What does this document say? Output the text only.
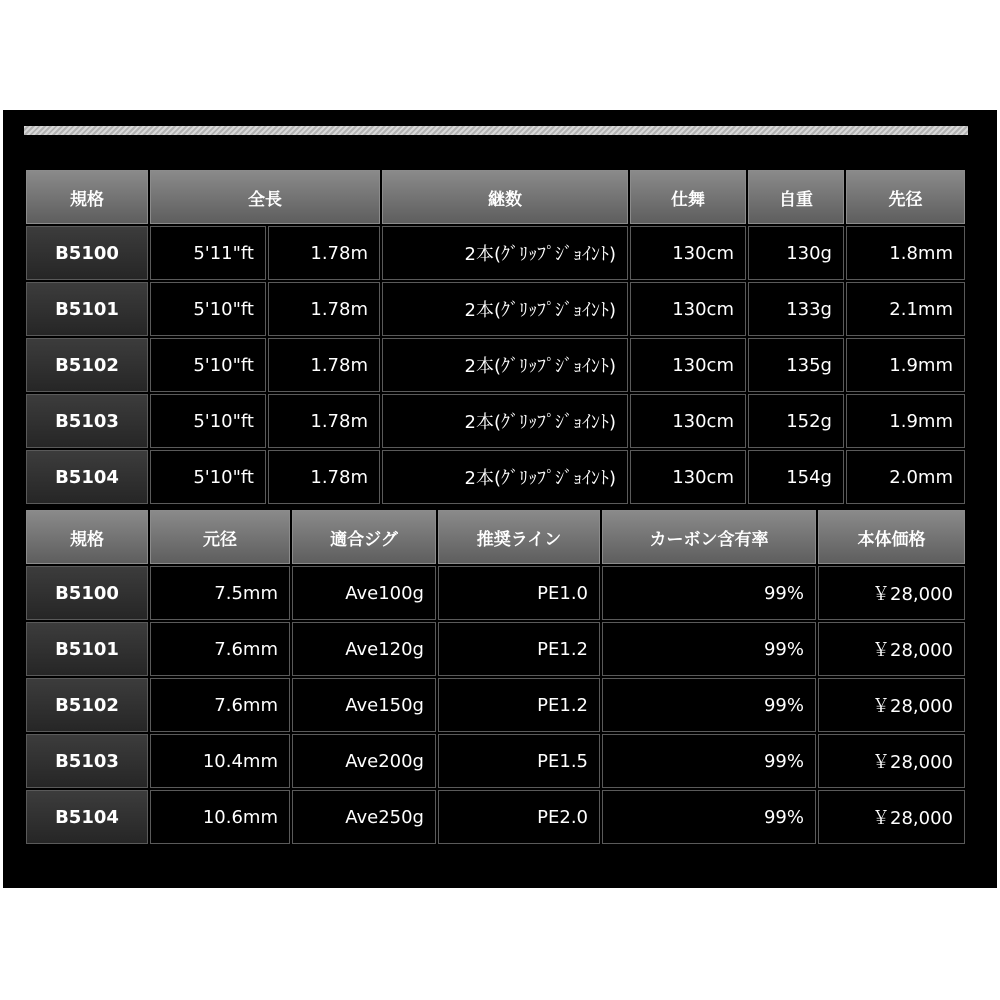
規格	全長	継数	仕舞	自重	先径
B5100	5'11"ft	1.78m	2本(ｸﾞﾘｯﾌﾟｼﾞｮｲﾝﾄ)	130cm	130g	1.8mm
B5101	5'10"ft	1.78m	2本(ｸﾞﾘｯﾌﾟｼﾞｮｲﾝﾄ)	130cm	133g	2.1mm
B5102	5'10"ft	1.78m	2本(ｸﾞﾘｯﾌﾟｼﾞｮｲﾝﾄ)	130cm	135g	1.9mm
B5103	5'10"ft	1.78m	2本(ｸﾞﾘｯﾌﾟｼﾞｮｲﾝﾄ)	130cm	152g	1.9mm
B5104	5'10"ft	1.78m	2本(ｸﾞﾘｯﾌﾟｼﾞｮｲﾝﾄ)	130cm	154g	2.0mm
規格	元径	適合ジグ	推奨ライン	カーボン含有率	本体価格
B5100	7.5mm	Ave100g	PE1.0	99%	￥28,000
B5101	7.6mm	Ave120g	PE1.2	99%	￥28,000
B5102	7.6mm	Ave150g	PE1.2	99%	￥28,000
B5103	10.4mm	Ave200g	PE1.5	99%	￥28,000
B5104	10.6mm	Ave250g	PE2.0	99%	￥28,000
